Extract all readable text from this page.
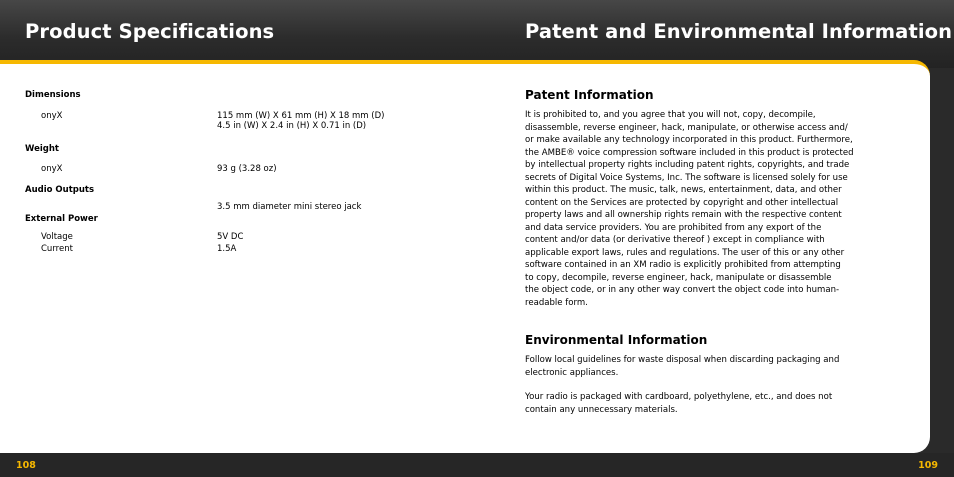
Product Specifications	Patent and Environmental Information
Dimensions
onyX	115 mm (W) X 61 mm (H) X 18 mm (D)
4.5 in (W) X 2.4 in (H) X 0.71 in (D)
Weight
onyX	93 g (3.28 oz)
Audio Outputs
3.5 mm diameter mini stereo jack
External Power
Voltage	5V DC
Current	1.5A
Patent Information
It is prohibited to, and you agree that you will not, copy, decompile,
disassemble, reverse engineer, hack, manipulate, or otherwise access and/
or make available any technology incorporated in this product. Furthermore,
the AMBE® voice compression software included in this product is protected
by intellectual property rights including patent rights, copyrights, and trade
secrets of Digital Voice Systems, Inc. The software is licensed solely for use
within this product. The music, talk, news, entertainment, data, and other
content on the Services are protected by copyright and other intellectual
property laws and all ownership rights remain with the respective content
and data service providers. You are prohibited from any export of the
content and/or data (or derivative thereof ) except in compliance with
applicable export laws, rules and regulations. The user of this or any other
software contained in an XM radio is explicitly prohibited from attempting
to copy, decompile, reverse engineer, hack, manipulate or disassemble
the object code, or in any other way convert the object code into human-
readable form.
Environmental Information
Follow local guidelines for waste disposal when discarding packaging and
electronic appliances.
Your radio is packaged with cardboard, polyethylene, etc., and does not
contain any unnecessary materials.
108	109
